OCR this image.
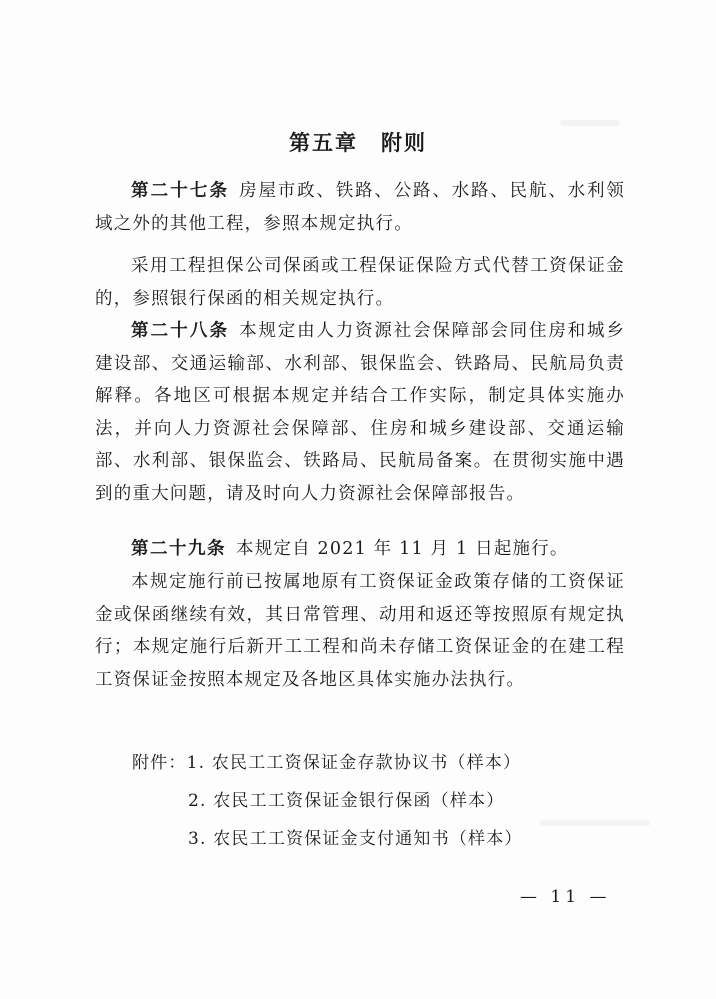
第五章　附则

第二十七条 房屋市政、铁路、公路、水路、民航、水利领域之外的其他工程，参照本规定执行。

采用工程担保公司保函或工程保证保险方式代替工资保证金的，参照银行保函的相关规定执行。

第二十八条 本规定由人力资源社会保障部会同住房和城乡建设部、交通运输部、水利部、银保监会、铁路局、民航局负责解释。各地区可根据本规定并结合工作实际，制定具体实施办法，并向人力资源社会保障部、住房和城乡建设部、交通运输部、水利部、银保监会、铁路局、民航局备案。在贯彻实施中遇到的重大问题，请及时向人力资源社会保障部报告。

第二十九条 本规定自 2021 年 11 月 1 日起施行。

本规定施行前已按属地原有工资保证金政策存储的工资保证金或保函继续有效，其日常管理、动用和返还等按照原有规定执行；本规定施行后新开工工程和尚未存储工资保证金的在建工程工资保证金按照本规定及各地区具体实施办法执行。

附件：1. 农民工工资保证金存款协议书（样本）
2. 农民工工资保证金银行保函（样本）
3. 农民工工资保证金支付通知书（样本）
— 11 —
